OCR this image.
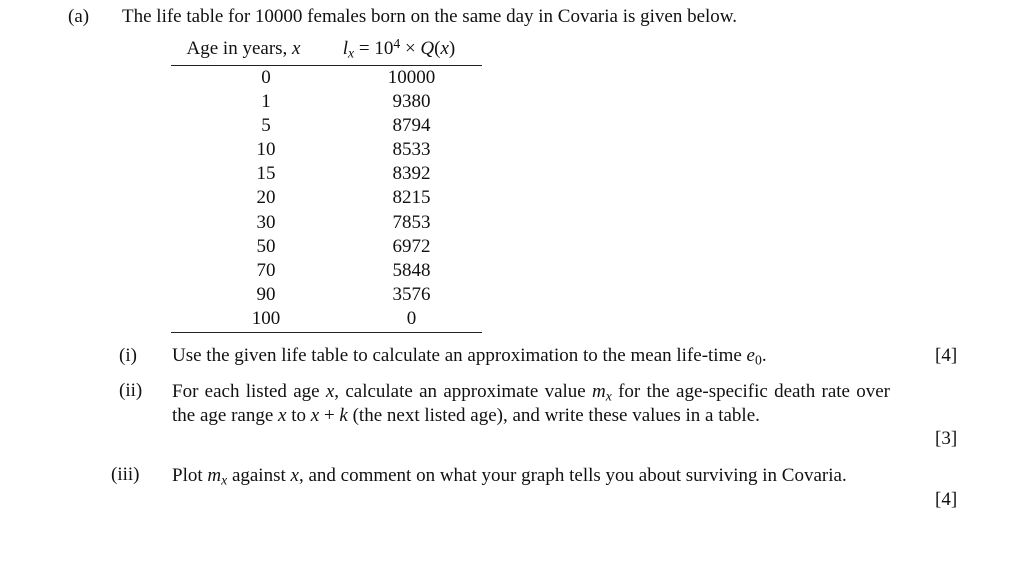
(a) The life table for 10000 females born on the same day in Covaria is given below.
Age in years, x	$l_x = 10^4 \times Q(x)$
0	10000
1	9380
5	8794
10	8533
15	8392
20	8215
30	7853
50	6972
70	5848
90	3576
100	0
(i) Use the given life table to calculate an approximation to the mean life-time $e_0$.	[4]
(ii) For each listed age x, calculate an approximate value $m_x$ for the age-specific death rate over the age range x to x + k (the next listed age), and write these values in a table.
[3]
(iii) Plot $m_x$ against x, and comment on what your graph tells you about surviving in Covaria.
[4]
